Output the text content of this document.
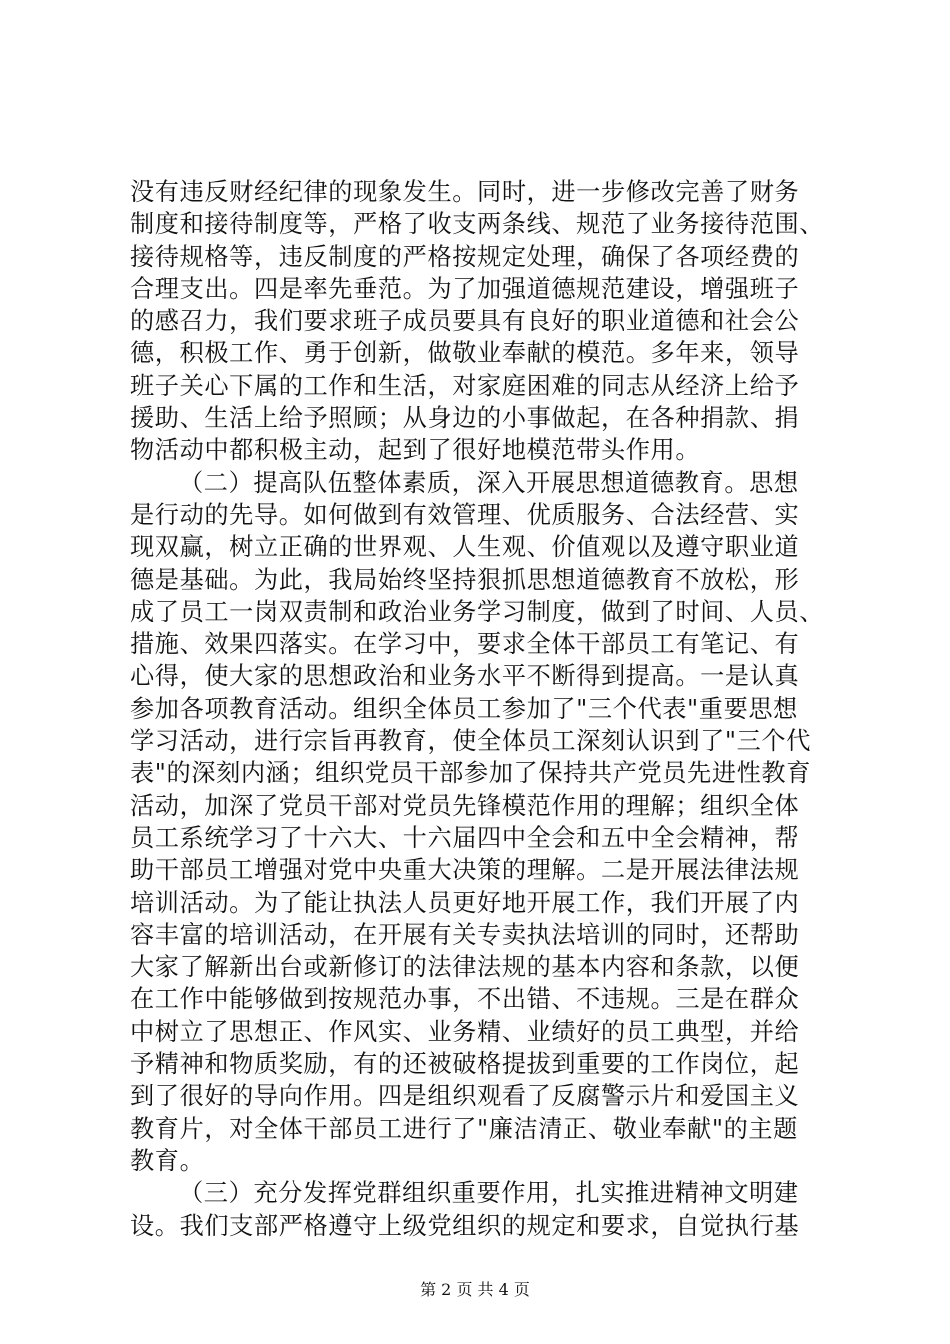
没有违反财经纪律的现象发生。同时，进一步修改完善了财务
制度和接待制度等，严格了收支两条线、规范了业务接待范围、
接待规格等，违反制度的严格按规定处理，确保了各项经费的
合理支出。四是率先垂范。为了加强道德规范建设，增强班子
的感召力，我们要求班子成员要具有良好的职业道德和社会公
德，积极工作、勇于创新，做敬业奉献的模范。多年来，领导
班子关心下属的工作和生活，对家庭困难的同志从经济上给予
援助、生活上给予照顾；从身边的小事做起，在各种捐款、捐
物活动中都积极主动，起到了很好地模范带头作用。
（二）提高队伍整体素质，深入开展思想道德教育。思想
是行动的先导。如何做到有效管理、优质服务、合法经营、实
现双赢，树立正确的世界观、人生观、价值观以及遵守职业道
德是基础。为此，我局始终坚持狠抓思想道德教育不放松，形
成了员工一岗双责制和政治业务学习制度，做到了时间、人员、
措施、效果四落实。在学习中，要求全体干部员工有笔记、有
心得，使大家的思想政治和业务水平不断得到提高。一是认真
参加各项教育活动。组织全体员工参加了"三个代表"重要思想
学习活动，进行宗旨再教育，使全体员工深刻认识到了"三个代
表"的深刻内涵；组织党员干部参加了保持共产党员先进性教育
活动，加深了党员干部对党员先锋模范作用的理解；组织全体
员工系统学习了十六大、十六届四中全会和五中全会精神，帮
助干部员工增强对党中央重大决策的理解。二是开展法律法规
培训活动。为了能让执法人员更好地开展工作，我们开展了内
容丰富的培训活动，在开展有关专卖执法培训的同时，还帮助
大家了解新出台或新修订的法律法规的基本内容和条款，以便
在工作中能够做到按规范办事，不出错、不违规。三是在群众
中树立了思想正、作风实、业务精、业绩好的员工典型，并给
予精神和物质奖励，有的还被破格提拔到重要的工作岗位，起
到了很好的导向作用。四是组织观看了反腐警示片和爱国主义
教育片，对全体干部员工进行了"廉洁清正、敬业奉献"的主题
教育。
（三）充分发挥党群组织重要作用，扎实推进精神文明建
设。我们支部严格遵守上级党组织的规定和要求，自觉执行基
第 2 页 共 4 页
